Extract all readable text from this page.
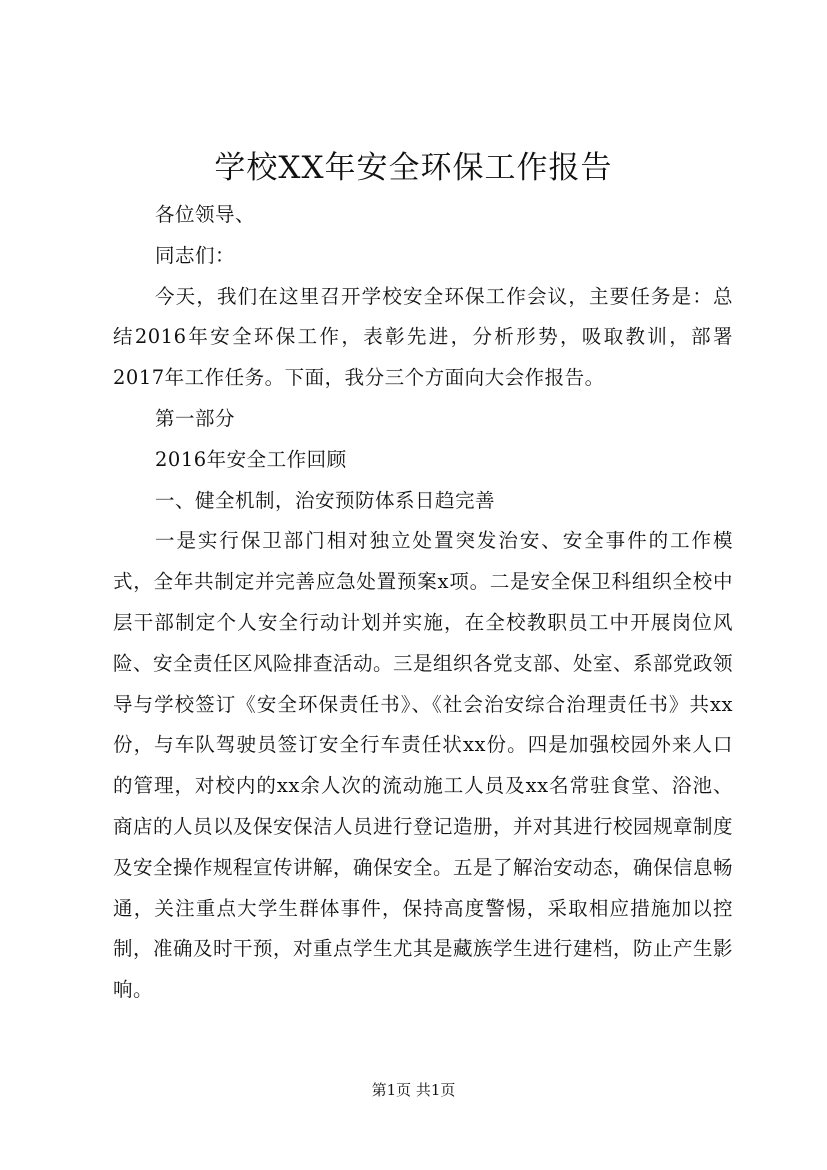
学校XX年安全环保工作报告

各位领导、

同志们：

今天，我们在这里召开学校安全环保工作会议，主要任务是：总结2016年安全环保工作，表彰先进，分析形势，吸取教训，部署2017年工作任务。下面，我分三个方面向大会作报告。

第一部分

2016年安全工作回顾

一、健全机制，治安预防体系日趋完善

一是实行保卫部门相对独立处置突发治安、安全事件的工作模式，全年共制定并完善应急处置预案x项。二是安全保卫科组织全校中层干部制定个人安全行动计划并实施，在全校教职员工中开展岗位风险、安全责任区风险排查活动。三是组织各党支部、处室、系部党政领导与学校签订《安全环保责任书》、《社会治安综合治理责任书》共xx份，与车队驾驶员签订安全行车责任状xx份。四是加强校园外来人口的管理，对校内的xx余人次的流动施工人员及xx名常驻食堂、浴池、商店的人员以及保安保洁人员进行登记造册，并对其进行校园规章制度及安全操作规程宣传讲解，确保安全。五是了解治安动态，确保信息畅通，关注重点大学生群体事件，保持高度警惕，采取相应措施加以控制，准确及时干预，对重点学生尤其是藏族学生进行建档，防止产生影响。

第1页 共1页
